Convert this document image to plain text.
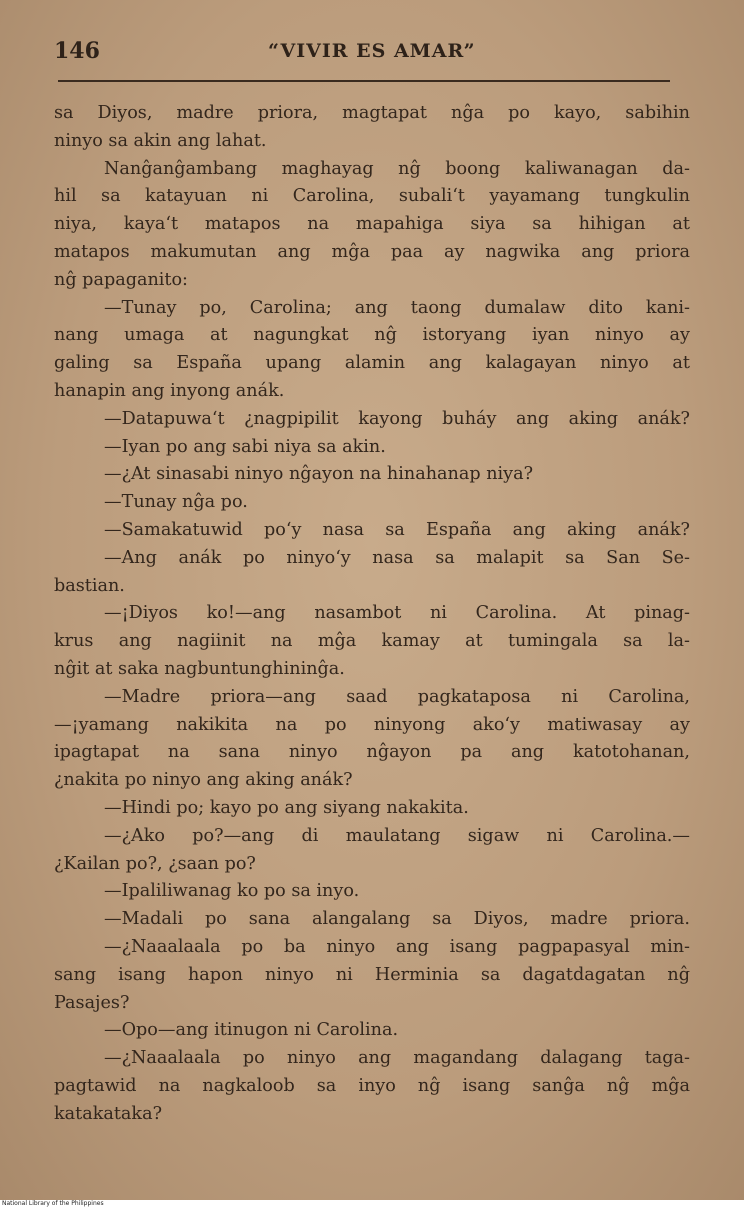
146	“VIVIR ES AMAR”
sa Diyos, madre priora, magtapat nĝa po kayo, sabihin
ninyo sa akin ang lahat.
Nanĝanĝambang maghayag nĝ boong kaliwanagan da-
hil sa katayuan ni Carolina, subali‘t yayamang tungkulin
niya, kaya‘t matapos na mapahiga siya sa hihigan at
matapos makumutan ang mĝa paa ay nagwika ang priora
nĝ papaganito:
—Tunay po, Carolina; ang taong dumalaw dito kani-
nang umaga at nagungkat nĝ istoryang iyan ninyo ay
galing sa España upang alamin ang kalagayan ninyo at
hanapin ang inyong anák.
—Datapuwa‘t ¿nagpipilit kayong buháy ang aking anák?
—Iyan po ang sabi niya sa akin.
—¿At sinasabi ninyo nĝayon na hinahanap niya?
—Tunay nĝa po.
—Samakatuwid po‘y nasa sa España ang aking anák?
—Ang anák po ninyo‘y nasa sa malapit sa San Se-
bastian.
—¡Diyos ko!—ang nasambot ni Carolina. At pinag-
krus ang nagiinit na mĝa kamay at tumingala sa la-
nĝit at saka nagbuntunghininĝa.
—Madre priora—ang saad pagkataposa ni Carolina,
—¡yamang nakikita na po ninyong ako‘y matiwasay ay
ipagtapat na sana ninyo nĝayon pa ang katotohanan,
¿nakita po ninyo ang aking anák?
—Hindi po; kayo po ang siyang nakakita.
—¿Ako po?—ang di maulatang sigaw ni Carolina.—
¿Kailan po?, ¿saan po?
—Ipaliliwanag ko po sa inyo.
—Madali po sana alangalang sa Diyos, madre priora.
—¿Naaalaala po ba ninyo ang isang pagpapasyal min-
sang isang hapon ninyo ni Herminia sa dagatdagatan nĝ
Pasajes?
—Opo—ang itinugon ni Carolina.
—¿Naaalaala po ninyo ang magandang dalagang taga-
pagtawid na nagkaloob sa inyo nĝ isang sanĝa nĝ mĝa
katakataka?
National Library of the Philippines
